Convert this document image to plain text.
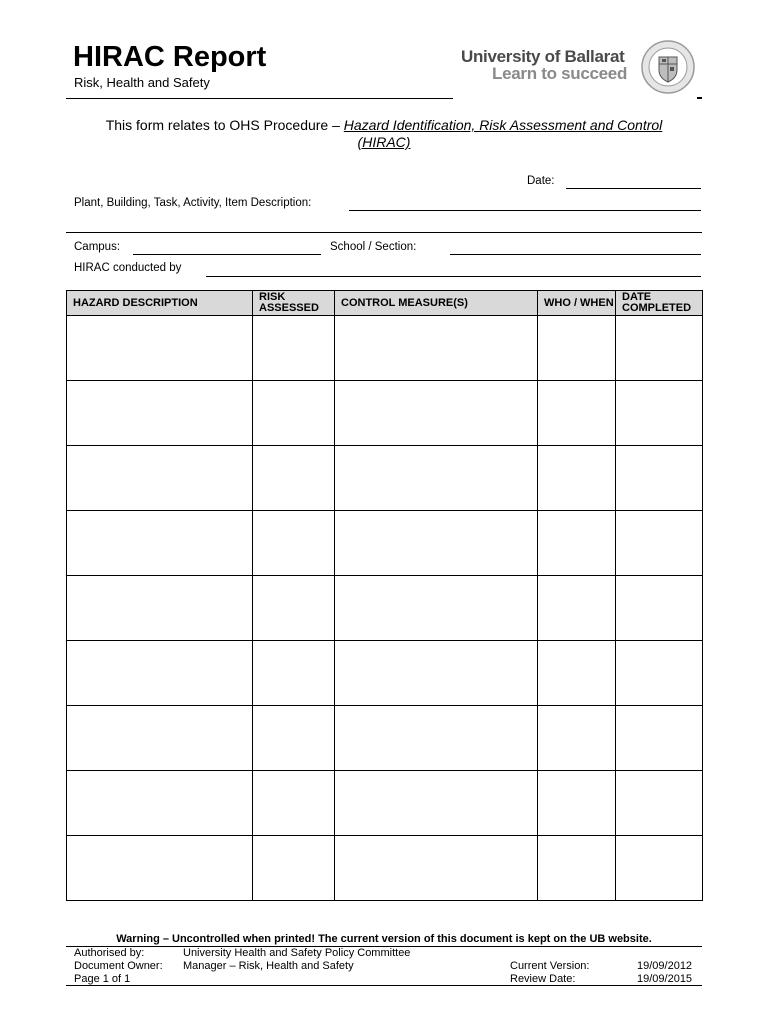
HIRAC Report
Risk, Health and Safety
University of Ballarat
Learn to succeed
This form relates to OHS Procedure – Hazard Identification, Risk Assessment and Control
(HIRAC)
Date:
Plant, Building, Task, Activity, Item Description:
Campus:	School / Section:
HIRAC conducted by
HAZARD DESCRIPTION	RISK ASSESSED	CONTROL MEASURE(S)	WHO / WHEN	DATE COMPLETED

Warning – Uncontrolled when printed! The current version of this document is kept on the UB website.
Authorised by:	University Health and Safety Policy Committee
Document Owner: Manager – Risk, Health and Safety	Current Version:	19/09/2012
Page 1 of 1	Review Date:	19/09/2015
